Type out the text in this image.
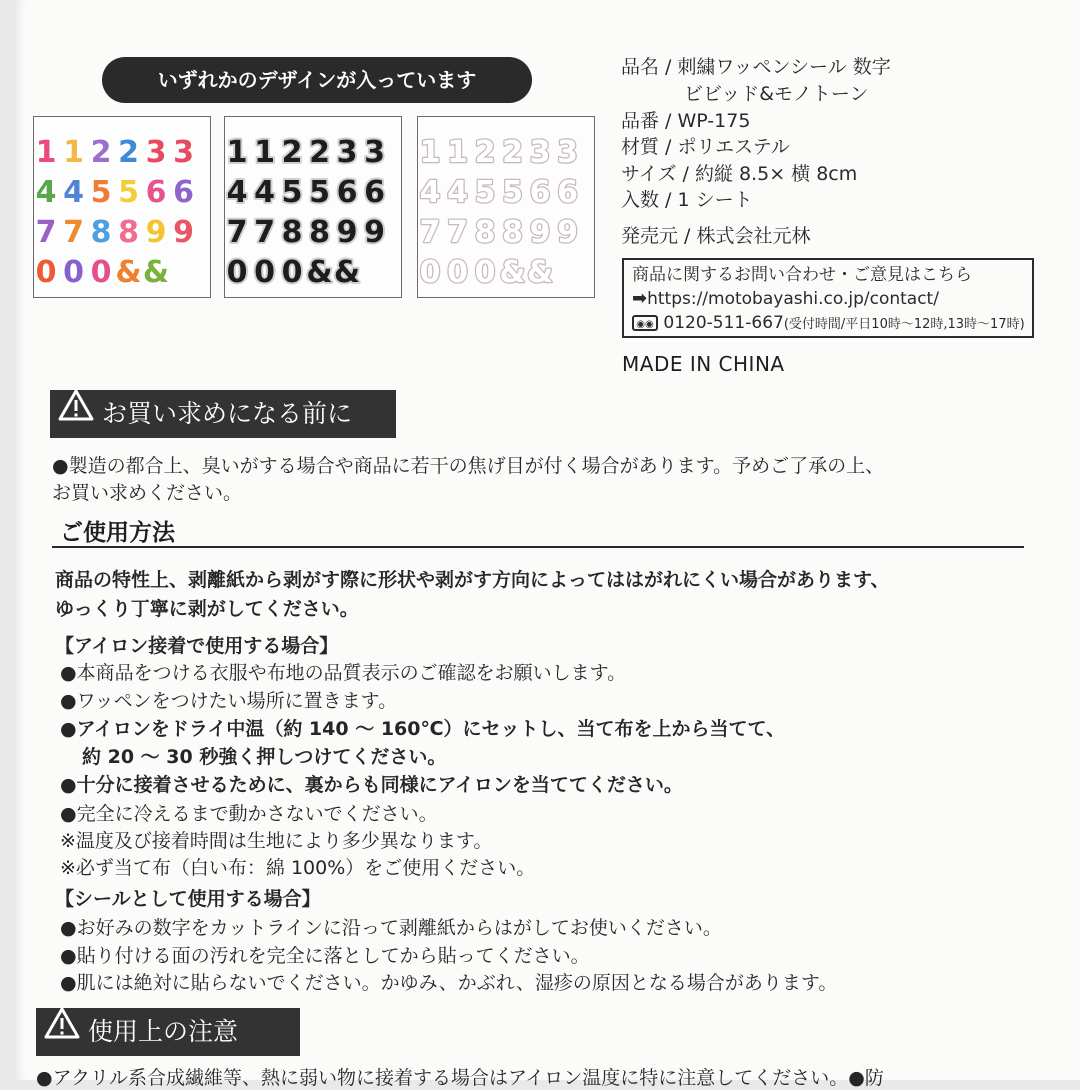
いずれかのデザインが入っています
1 1 2 2 3 3
4 4 5 5 6 6
7 7 8 8 9 9
0 0 0 & &
1 1 2 2 3 3
4 4 5 5 6 6
7 7 8 8 9 9
0 0 0 & &
1 1 2 2 3 3
4 4 5 5 6 6
7 7 8 8 9 9
0 0 0 & &
品名 / 刺繍ワッペンシール 数字
ビビッド&モノトーン
品番 / WP-175
材質 / ポリエステル
サイズ / 約縦 8.5× 横 8cm
入数 / 1 シート
発売元 / 株式会社元林
商品に関するお問い合わせ・ご意見はこちら
➡https://motobayashi.co.jp/contact/
◉◉ 0120-511-667(受付時間/平日10時～12時,13時～17時)
MADE IN CHINA
お買い求めになる前に
● 製造の都合上、臭いがする場合や商品に若干の焦げ目が付く場合があります。予めご了承の上、
お買い求めください。
ご使用方法
商品の特性上、剥離紙から剥がす際に形状や剥がす方向によってははがれにくい場合があります、
ゆっくり丁寧に剥がしてください。
【アイロン接着で使用する場合】
● 本商品をつける衣服や布地の品質表示のご確認をお願いします。
● ワッペンをつけたい場所に置きます。
● アイロンをドライ中温（約 140 ～ 160℃）にセットし、当て布を上から当てて、
約 20 ～ 30 秒強く押しつけてください。
● 十分に接着させるために、裏からも同様にアイロンを当ててください。
● 完全に冷えるまで動かさないでください。
※温度及び接着時間は生地により多少異なります。
※必ず当て布（白い布：綿 100%）をご使用ください。
【シールとして使用する場合】
● お好みの数字をカットラインに沿って剥離紙からはがしてお使いください。
● 貼り付ける面の汚れを完全に落としてから貼ってください。
● 肌には絶対に貼らないでください。かゆみ、かぶれ、湿疹の原因となる場合があります。
使用上の注意
●アクリル系合成繊維等、熱に弱い物に接着する場合はアイロン温度に特に注意してください。●防
